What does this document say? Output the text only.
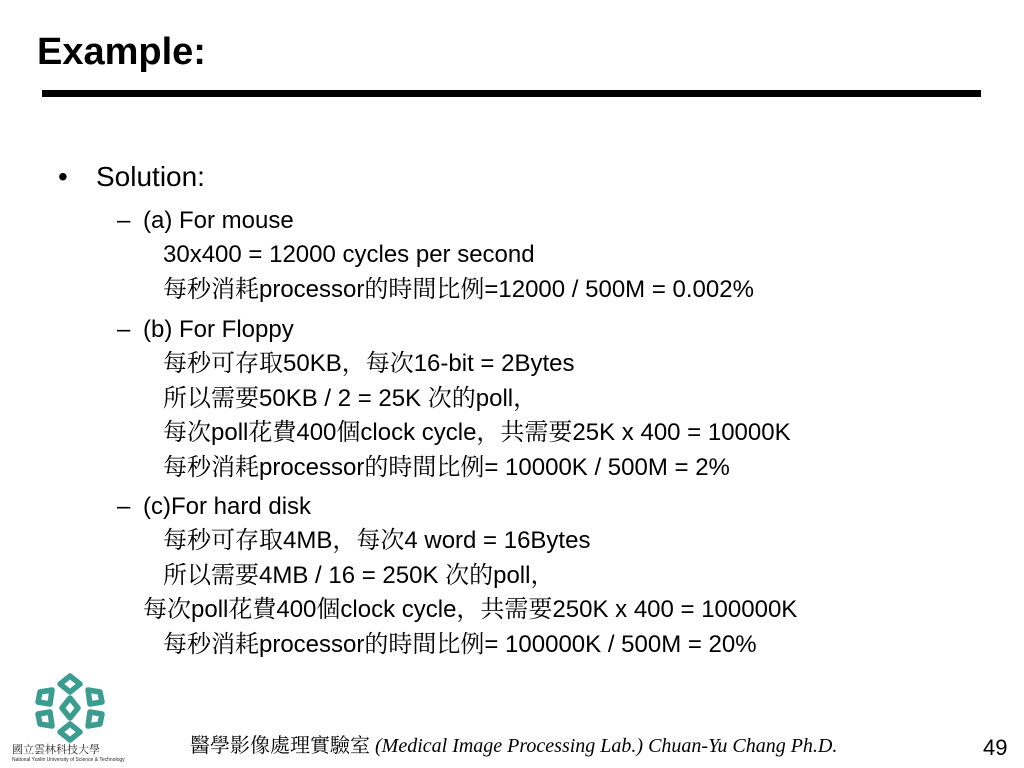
Example:
• Solution:
– (a) For mouse
30x400 = 12000 cycles per second
每秒消耗processor的時間比例=12000 / 500M = 0.002%
– (b) For Floppy
每秒可存取50KB，每次16-bit = 2Bytes
所以需要50KB / 2 = 25K 次的poll，
每次poll花費400個clock cycle，共需要25K x 400 = 10000K
每秒消耗processor的時間比例= 10000K / 500M = 2%
– (c)For hard disk
每秒可存取4MB，每次4 word = 16Bytes
所以需要4MB / 16 = 250K 次的poll，
每次poll花費400個clock cycle，共需要250K x 400 = 100000K
每秒消耗processor的時間比例= 100000K / 500M = 20%
國立雲林科技大學
National Yunlin University of Science & Technology
醫學影像處理實驗室 (Medical Image Processing Lab.) Chuan-Yu Chang Ph.D.	49
